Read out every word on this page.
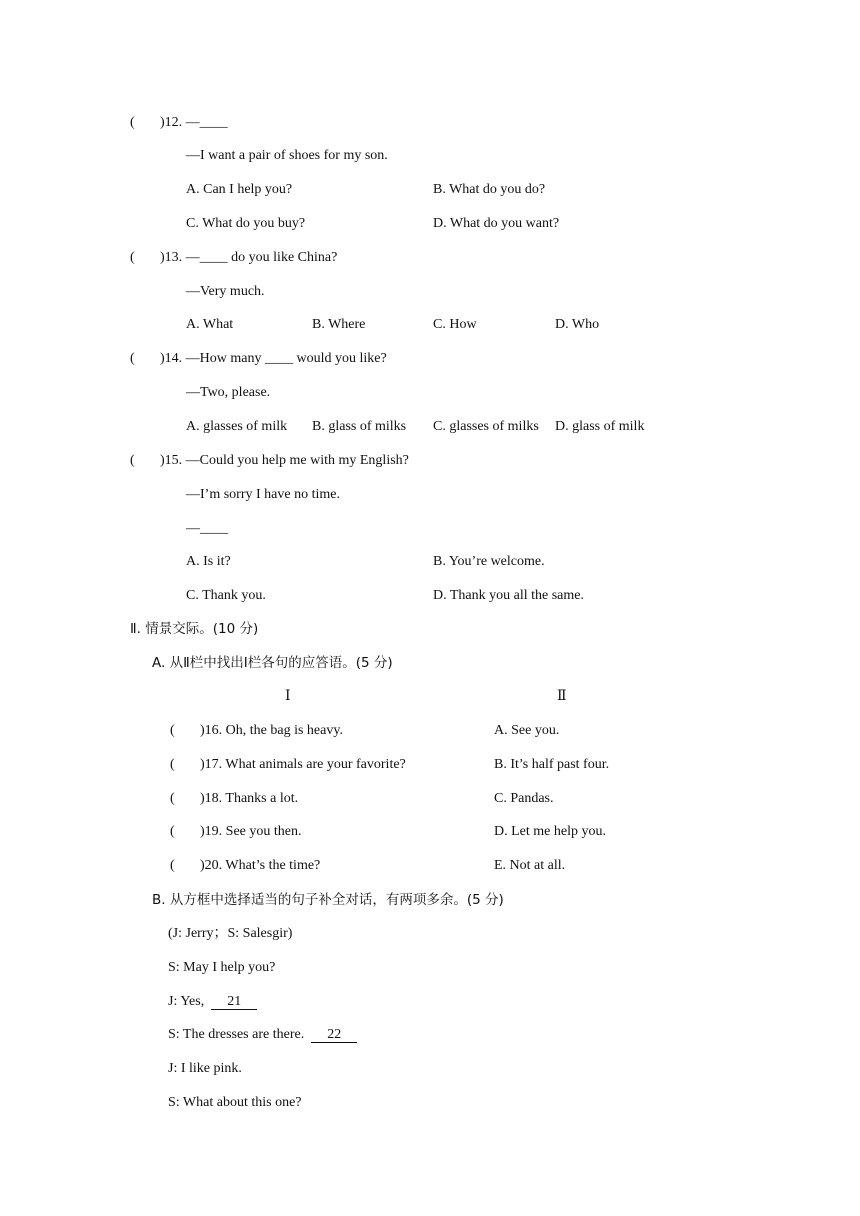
( )12. —____
—I want a pair of shoes for my son.
A. Can I help you?	B. What do you do?
C. What do you buy?	D. What do you want?
( )13. —____ do you like China?
—Very much.
A. What	B. Where	C. How	D. Who
( )14. —How many ____ would you like?
—Two, please.
A. glasses of milk B. glass of milks C. glasses of milks D. glass of milk
( )15. —Could you help me with my English?
—I’m sorry I have no time.
—____
A. Is it?	B. You’re welcome.
C. Thank you.	D. Thank you all the same.
Ⅱ. 情景交际。(10 分)
A. 从Ⅱ栏中找出Ⅰ栏各句的应答语。(5 分)
Ⅰ	Ⅱ
( )16. Oh, the bag is heavy.	A. See you.
( )17. What animals are your favorite?	B. It’s half past four.
( )18. Thanks a lot.	C. Pandas.
( )19. See you then.	D. Let me help you.
( )20. What’s the time?	E. Not at all.
B. 从方框中选择适当的句子补全对话，有两项多余。(5 分)
(J: Jerry；S: Salesgir)
S: May I help you?
J: Yes, 21
S: The dresses are there. 22
J: I like pink.
S: What about this one?
